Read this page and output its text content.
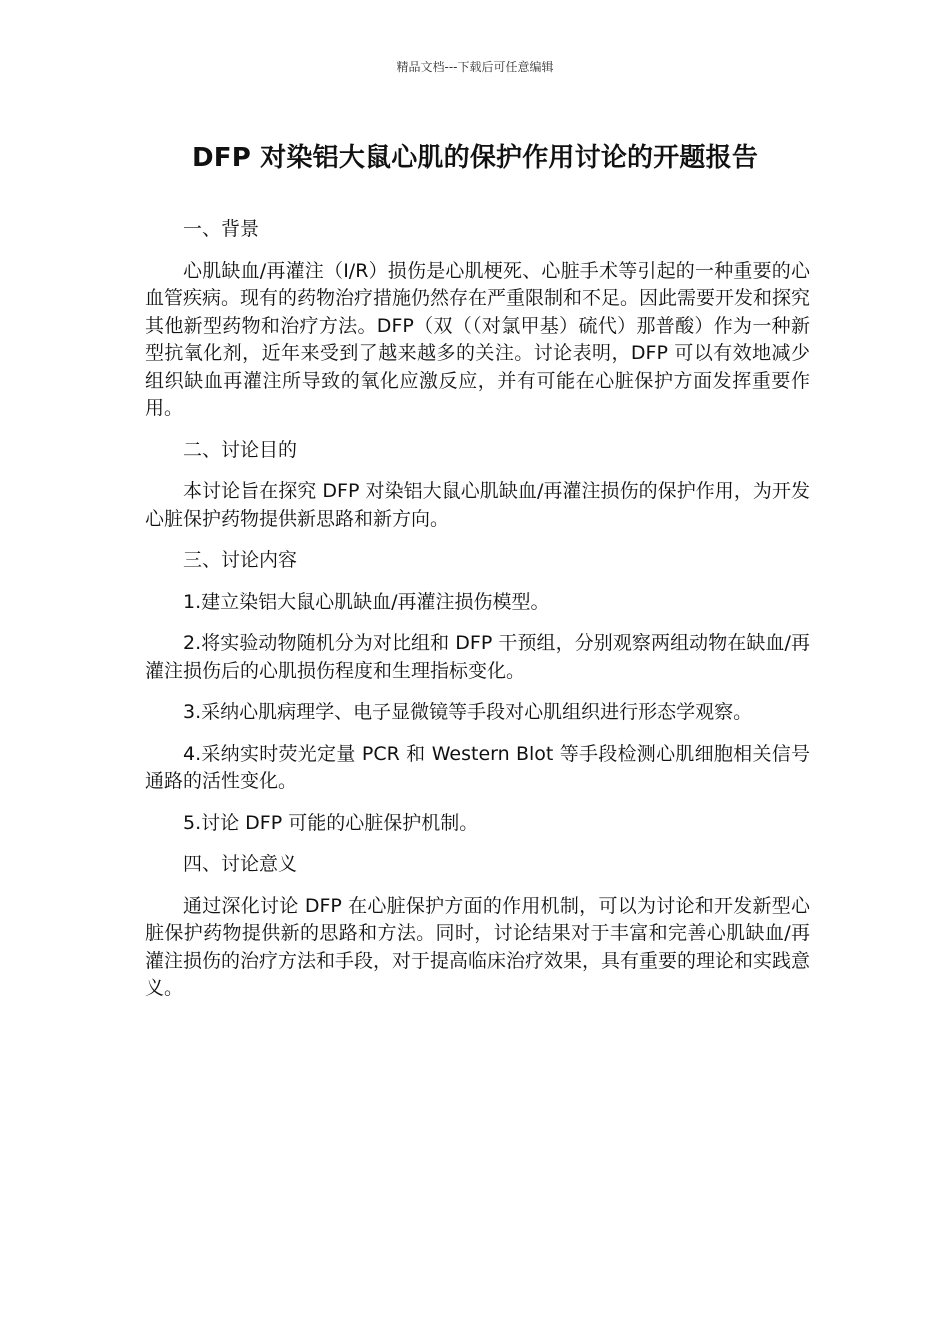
精品文档---下载后可任意编辑
DFP 对染铝大鼠心肌的保护作用讨论的开题报告
一、背景

心肌缺血/再灌注（I/R）损伤是心肌梗死、心脏手术等引起的一种重要的心血管疾病。现有的药物治疗措施仍然存在严重限制和不足。因此需要开发和探究其他新型药物和治疗方法。DFP（双（（对氯甲基）硫代）那普酸）作为一种新型抗氧化剂，近年来受到了越来越多的关注。讨论表明，DFP 可以有效地减少组织缺血再灌注所导致的氧化应激反应，并有可能在心脏保护方面发挥重要作用。

二、讨论目的

本讨论旨在探究 DFP 对染铝大鼠心肌缺血/再灌注损伤的保护作用，为开发心脏保护药物提供新思路和新方向。

三、讨论内容

1.建立染铝大鼠心肌缺血/再灌注损伤模型。

2.将实验动物随机分为对比组和 DFP 干预组，分别观察两组动物在缺血/再灌注损伤后的心肌损伤程度和生理指标变化。

3.采纳心肌病理学、电子显微镜等手段对心肌组织进行形态学观察。

4.采纳实时荧光定量 PCR 和 Western Blot 等手段检测心肌细胞相关信号通路的活性变化。

5.讨论 DFP 可能的心脏保护机制。

四、讨论意义

通过深化讨论 DFP 在心脏保护方面的作用机制，可以为讨论和开发新型心脏保护药物提供新的思路和方法。同时，讨论结果对于丰富和完善心肌缺血/再灌注损伤的治疗方法和手段，对于提高临床治疗效果，具有重要的理论和实践意义。
